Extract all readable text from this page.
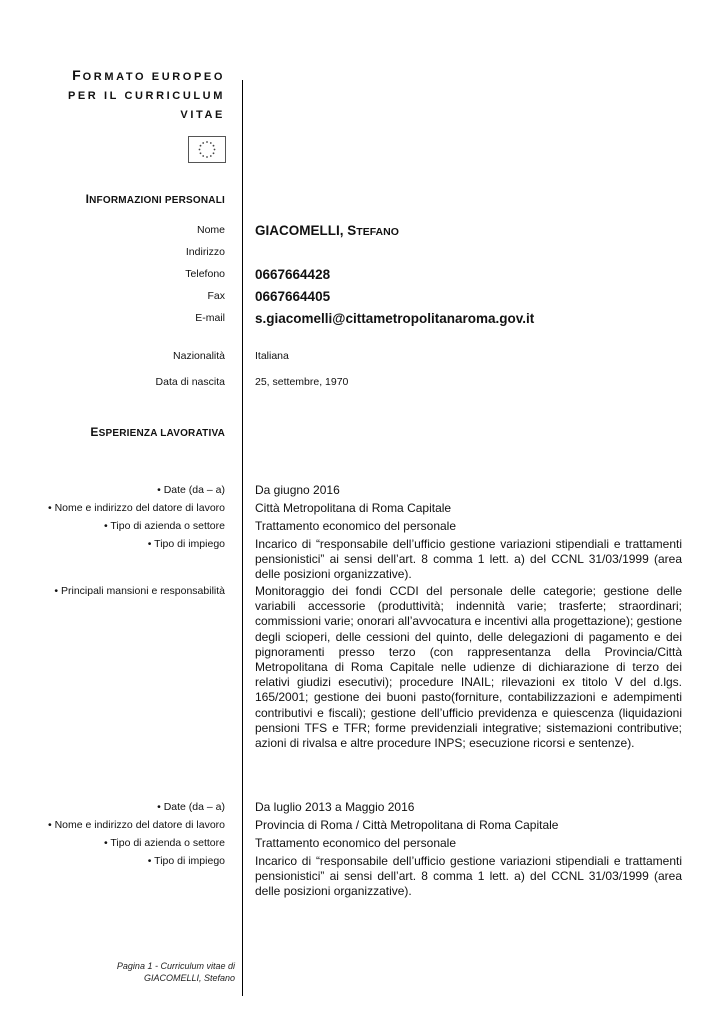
FORMATO EUROPEO
PER IL CURRICULUM
VITAE
INFORMAZIONI PERSONALI
Nome GIACOMELLI, STEFANO
Indirizzo
Telefono 0667664428
Fax 0667664405
E-mail s.giacomelli@cittametropolitanaroma.gov.it
Nazionalità	Italiana
Data di nascita	25, settembre, 1970
ESPERIENZA LAVORATIVA
• Date (da – a)	Da giugno 2016
• Nome e indirizzo del datore di lavoro	Città Metropolitana di Roma Capitale
• Tipo di azienda o settore	Trattamento economico del personale
• Tipo di impiego	Incarico di “responsabile dell’ufficio gestione variazioni stipendiali e trattamenti pensionistici” ai sensi dell’art. 8 comma 1 lett. a) del CCNL 31/03/1999 (area delle posizioni organizzative).
• Principali mansioni e responsabilità	Monitoraggio dei fondi CCDI del personale delle categorie; gestione delle variabili accessorie (produttività; indennità varie; trasferte; straordinari; commissioni varie; onorari all’avvocatura e incentivi alla progettazione); gestione degli scioperi, delle cessioni del quinto, delle delegazioni di pagamento e dei pignoramenti presso terzo (con rappresentanza della Provincia/Città Metropolitana di Roma Capitale nelle udienze di dichiarazione di terzo dei relativi giudizi esecutivi); procedure INAIL; rilevazioni ex titolo V del d.lgs. 165/2001; gestione dei buoni pasto(forniture, contabilizzazioni e adempimenti contributivi e fiscali); gestione dell’ufficio previdenza e quiescenza (liquidazioni pensioni TFS e TFR; forme previdenziali integrative; sistemazioni contributive; azioni di rivalsa e altre procedure INPS; esecuzione ricorsi e sentenze).
• Date (da – a)	Da luglio 2013 a Maggio 2016
• Nome e indirizzo del datore di lavoro	Provincia di Roma / Città Metropolitana di Roma Capitale
• Tipo di azienda o settore	Trattamento economico del personale
• Tipo di impiego	Incarico di “responsabile dell’ufficio gestione variazioni stipendiali e trattamenti pensionistici” ai sensi dell’art. 8 comma 1 lett. a) del CCNL 31/03/1999 (area delle posizioni organizzative).
Pagina 1 - Curriculum vitae di
GIACOMELLI, Stefano
